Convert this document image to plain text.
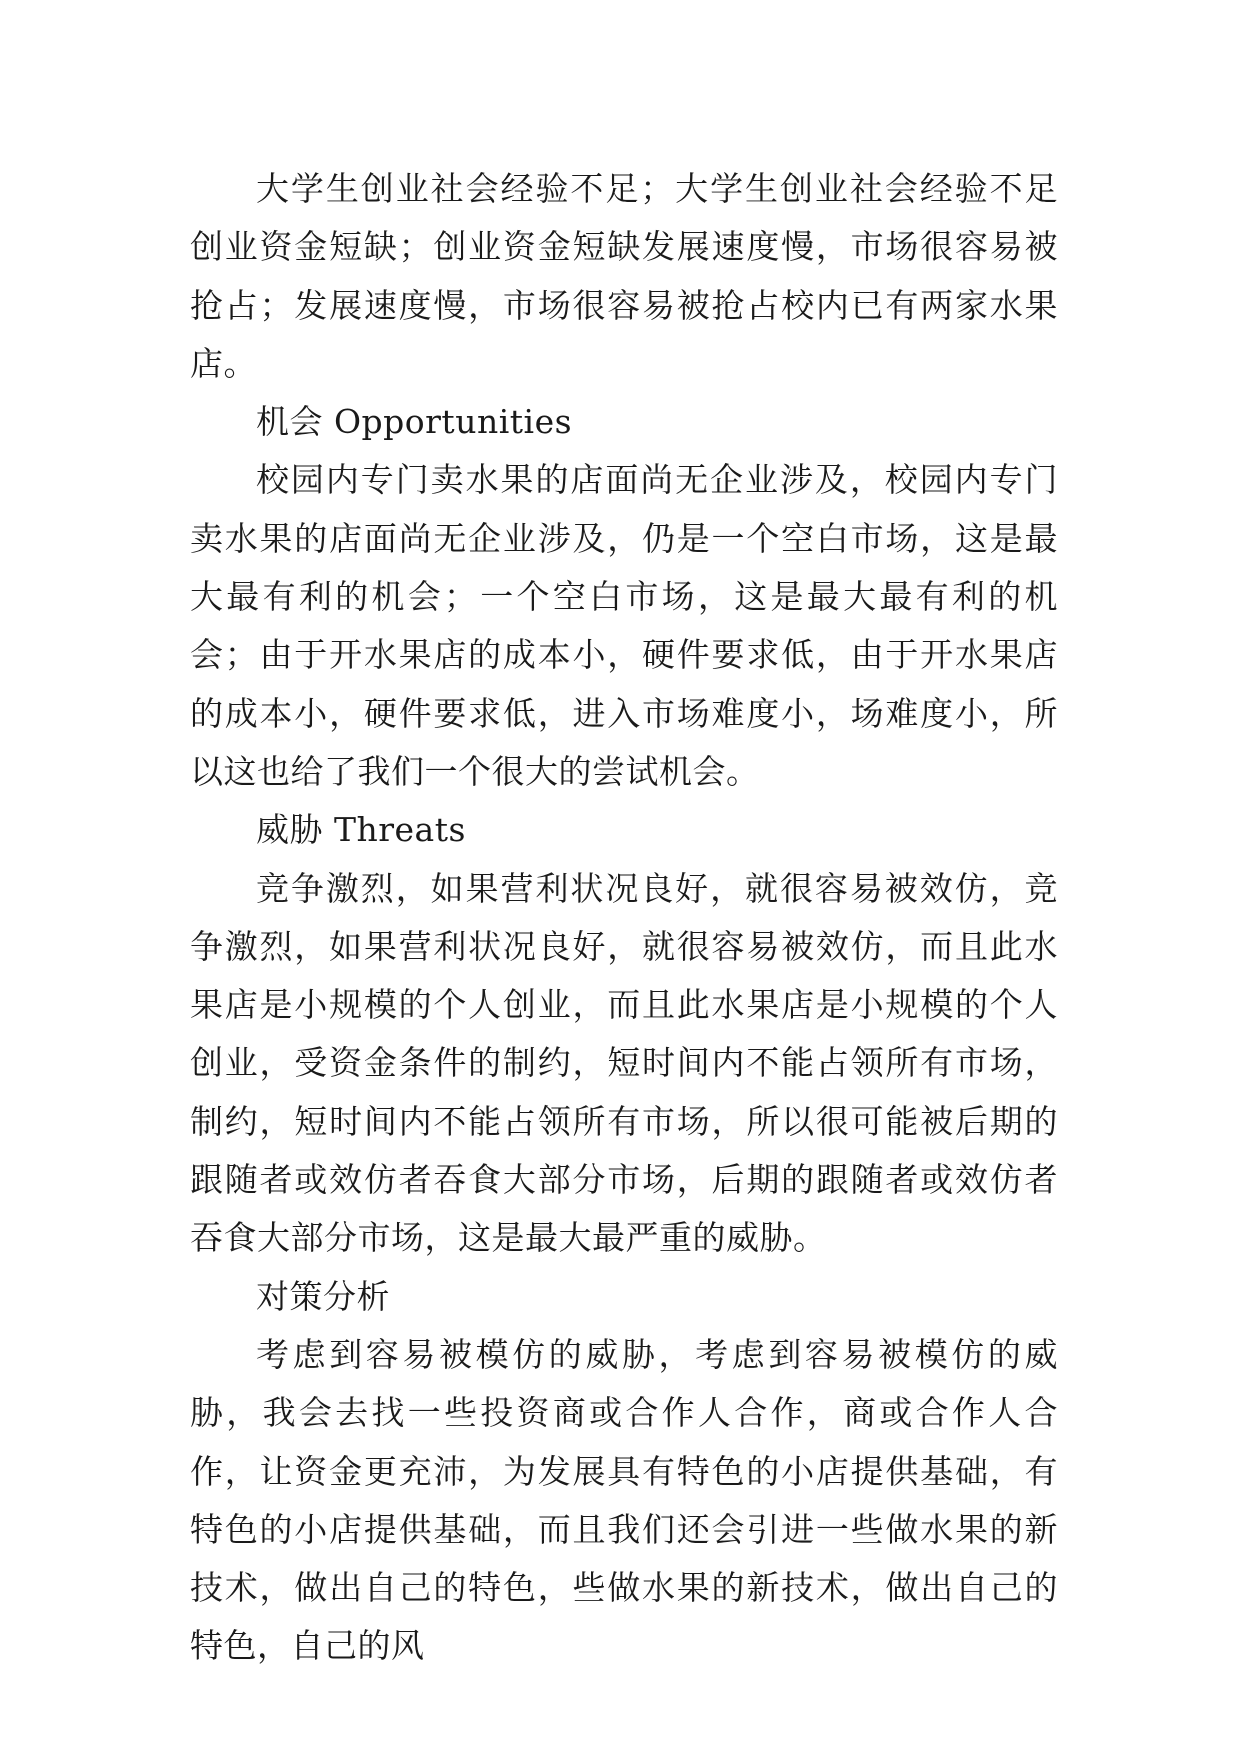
大学生创业社会经验不足；大学生创业社会经验不足创业资金短缺；创业资金短缺发展速度慢，市场很容易被抢占；发展速度慢，市场很容易被抢占校内已有两家水果店。

机会 Opportunities

校园内专门卖水果的店面尚无企业涉及，校园内专门卖水果的店面尚无企业涉及，仍是一个空白市场，这是最大最有利的机会；一个空白市场，这是最大最有利的机会；由于开水果店的成本小，硬件要求低，由于开水果店的成本小，硬件要求低，进入市场难度小，场难度小，所以这也给了我们一个很大的尝试机会。

威胁 Threats

竞争激烈，如果营利状况良好，就很容易被效仿，竞争激烈，如果营利状况良好，就很容易被效仿，而且此水果店是小规模的个人创业，而且此水果店是小规模的个人创业，受资金条件的制约，短时间内不能占领所有市场，制约，短时间内不能占领所有市场，所以很可能被后期的跟随者或效仿者吞食大部分市场，后期的跟随者或效仿者吞食大部分市场，这是最大最严重的威胁。

对策分析

考虑到容易被模仿的威胁，考虑到容易被模仿的威胁，我会去找一些投资商或合作人合作，商或合作人合作，让资金更充沛，为发展具有特色的小店提供基础，有特色的小店提供基础，而且我们还会引进一些做水果的新技术，做出自己的特色，些做水果的新技术，做出自己的特色，自己的风
